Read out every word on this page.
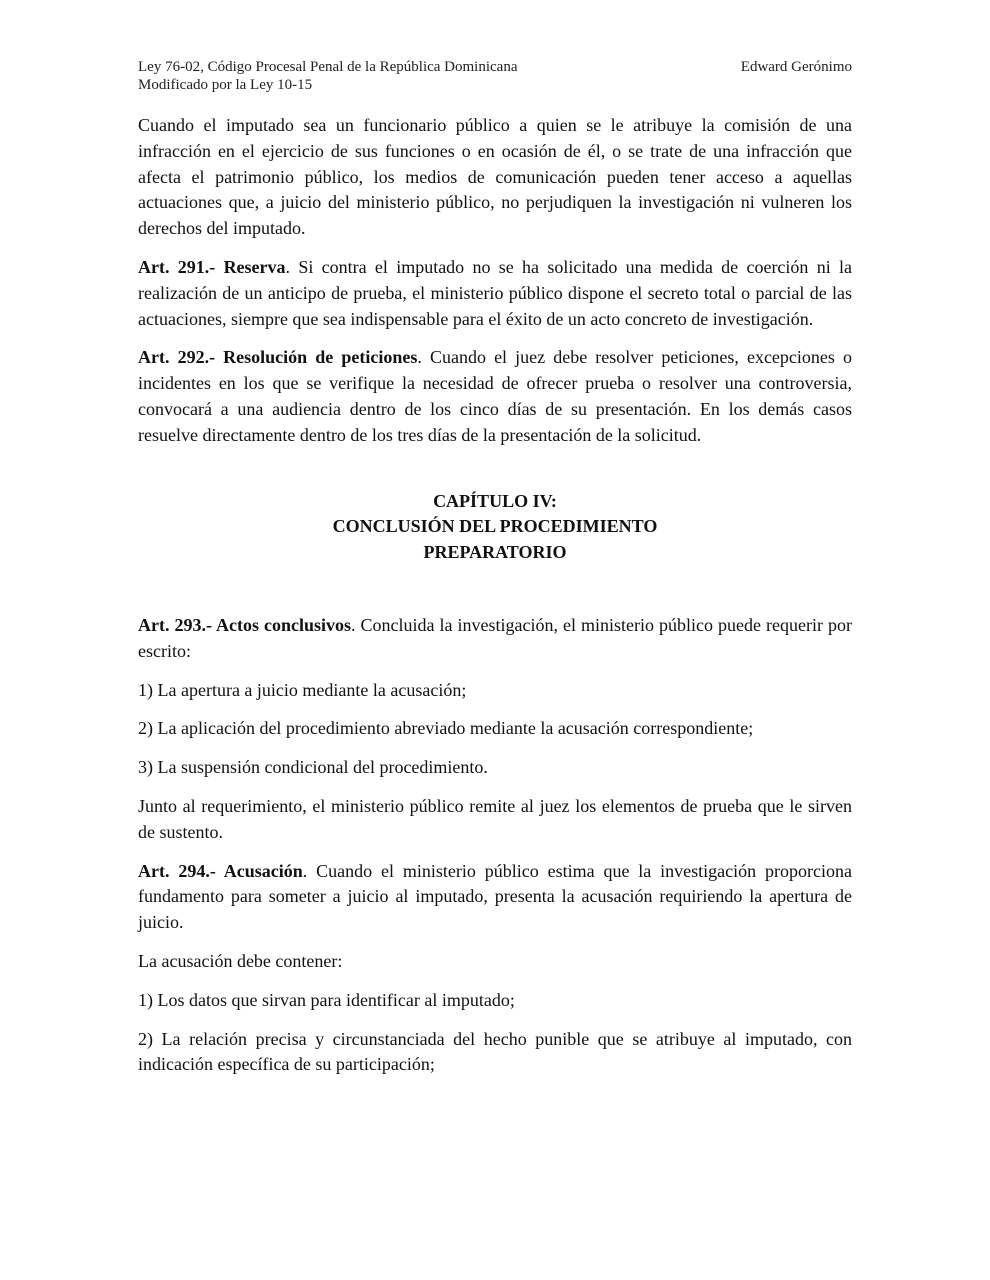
Ley 76-02, Código Procesal Penal de la República Dominicana	Edward Gerónimo
Modificado por la Ley 10-15

Cuando el imputado sea un funcionario público a quien se le atribuye la comisión de una infracción en el ejercicio de sus funciones o en ocasión de él, o se trate de una infracción que afecta el patrimonio público, los medios de comunicación pueden tener acceso a aquellas actuaciones que, a juicio del ministerio público, no perjudiquen la investigación ni vulneren los derechos del imputado.

Art. 291.- Reserva. Si contra el imputado no se ha solicitado una medida de coerción ni la realización de un anticipo de prueba, el ministerio público dispone el secreto total o parcial de las actuaciones, siempre que sea indispensable para el éxito de un acto concreto de investigación.

Art. 292.- Resolución de peticiones. Cuando el juez debe resolver peticiones, excepciones o incidentes en los que se verifique la necesidad de ofrecer prueba o resolver una controversia, convocará a una audiencia dentro de los cinco días de su presentación. En los demás casos resuelve directamente dentro de los tres días de la presentación de la solicitud.

CAPÍTULO IV:
CONCLUSIÓN DEL PROCEDIMIENTO
PREPARATORIO

Art. 293.- Actos conclusivos. Concluida la investigación, el ministerio público puede requerir por escrito:

1) La apertura a juicio mediante la acusación;

2) La aplicación del procedimiento abreviado mediante la acusación correspondiente;

3) La suspensión condicional del procedimiento.

Junto al requerimiento, el ministerio público remite al juez los elementos de prueba que le sirven de sustento.

Art. 294.- Acusación. Cuando el ministerio público estima que la investigación proporciona fundamento para someter a juicio al imputado, presenta la acusación requiriendo la apertura de juicio.

La acusación debe contener:

1) Los datos que sirvan para identificar al imputado;

2) La relación precisa y circunstanciada del hecho punible que se atribuye al imputado, con indicación específica de su participación;
